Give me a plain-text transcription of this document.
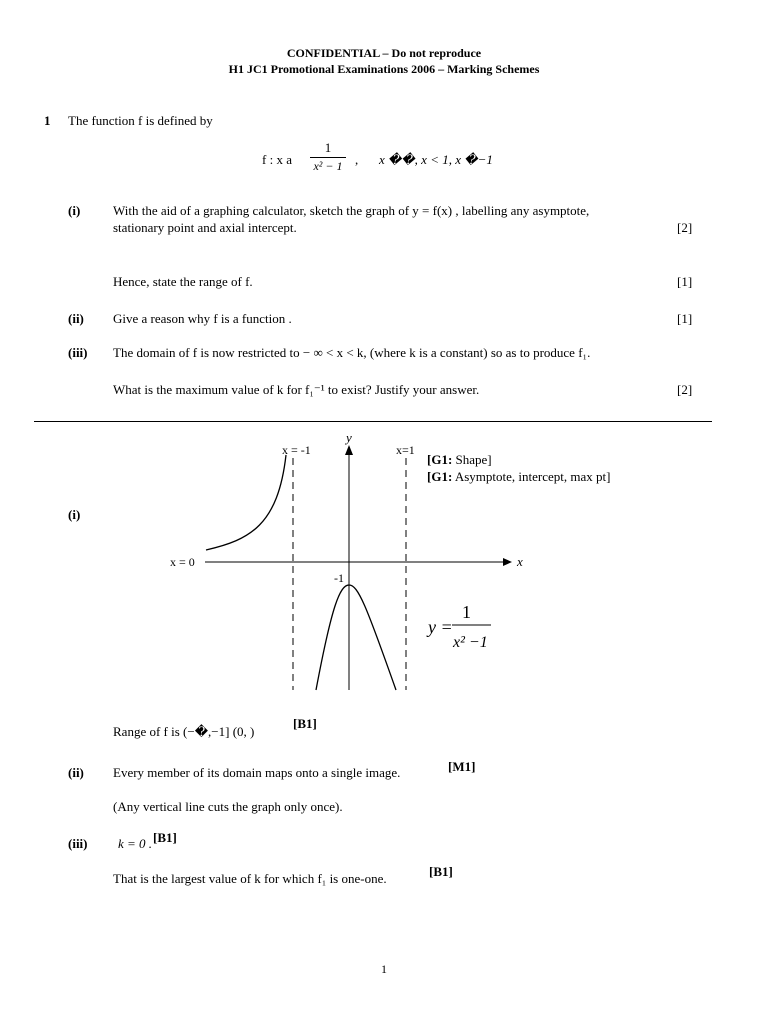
CONFIDENTIAL – Do not reproduce
H1 JC1 Promotional Examinations 2006 – Marking Schemes
1 The function f is defined by
f : x a
1
x² − 1 , x ��, x < 1, x �−1
(i)	With the aid of a graphing calculator, sketch the graph of y = f(x) , labelling any asymptote,
stationary point and axial intercept.	[2]
Hence, state the range of f.	[1]
(ii) Give a reason why f is a function .	[1]
(iii) The domain of f is now restricted to − ∞ < x < k, (where k is a constant) so as to produce f₁.
What is the maximum value of k for f₁⁻¹ to exist? Justify your answer.	[2]
(i)
y
x
x = -1	x=1
x = 0
-1
y =
1
x² −1
[G1: Shape]
[G1: Asymptote, intercept, max pt]
Range of f is (−�,−1] (0, )
[B1]
(ii) Every member of its domain maps onto a single image.	[M1]
(Any vertical line cuts the graph only once).
(iii) k = 0 . [B1]
That is the largest value of k for which f₁ is one-one.	[B1]
1
